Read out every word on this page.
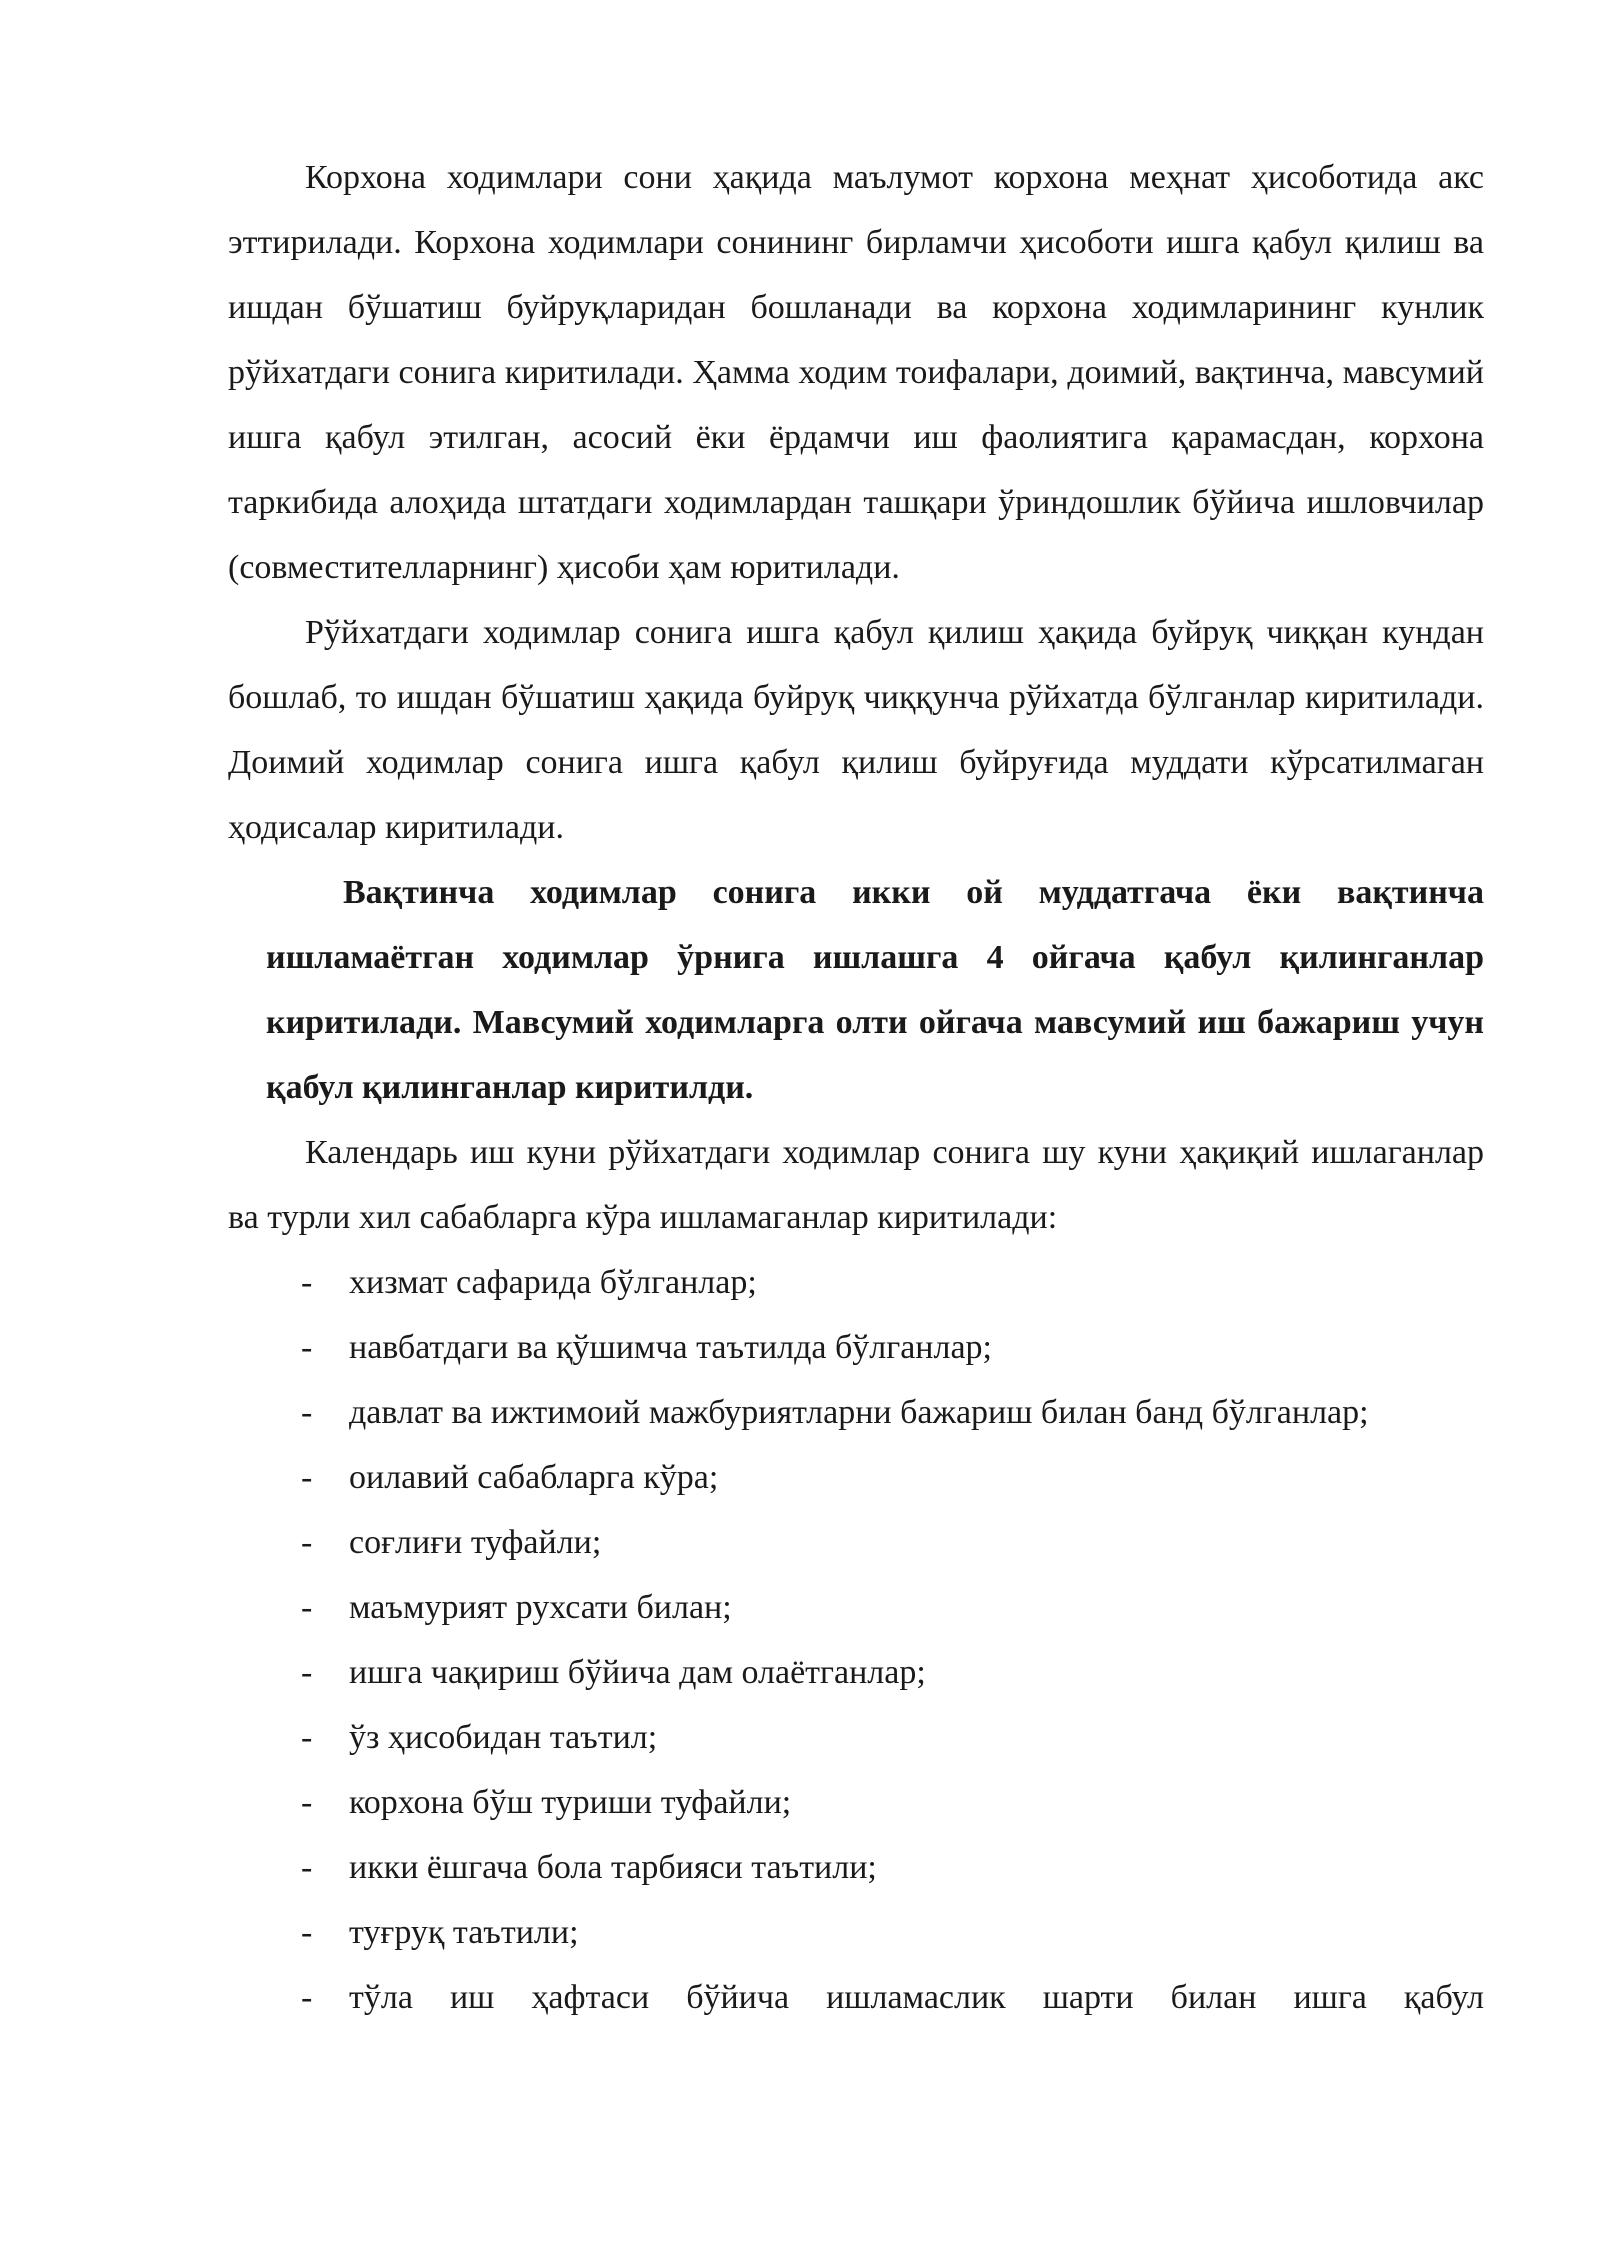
Корхона ходимлари сони ҳақида маълумот корхона меҳнат ҳисоботида акс эттирилади. Корхона ходимлари сонининг бирламчи ҳисоботи ишга қабул қилиш ва ишдан бўшатиш буйруқларидан бошланади ва корхона ходимларининг кунлик рўйхатдаги сонига киритилади. Ҳамма ходим тоифалари, доимий, вақтинча, мавсумий ишга қабул этилган, асосий ёки ёрдамчи иш фаолиятига қарамасдан, корхона таркибида алоҳида штатдаги ходимлардан ташқари ўриндошлик бўйича ишловчилар

(совместителларнинг) ҳисоби ҳам юритилади.

Рўйхатдаги ходимлар сонига ишга қабул қилиш ҳақида буйруқ чиққан кундан бошлаб, то ишдан бўшатиш ҳақида буйруқ чиққунча рўйхатда бўлганлар киритилади. Доимий ходимлар сонига ишга қабул қилиш буйруғида муддати кўрсатилмаган ҳодисалар киритилади.

Вақтинча ходимлар сонига икки ой муддатгача ёки вақтинча ишламаётган ходимлар ўрнига ишлашга 4 ойгача қабул қилинганлар киритилади. Мавсумий ходимларга олти ойгача мавсумий иш бажариш учун қабул қилинганлар киритилди.

Календарь иш куни рўйхатдаги ходимлар сонига шу куни ҳақиқий ишлаганлар ва турли хил сабабларга кўра ишламаганлар киритилади:

- хизмат сафарида бўлганлар;
- навбатдаги ва қўшимча таътилда бўлганлар;
- давлат ва ижтимоий мажбуриятларни бажариш билан банд бўлганлар;
- оилавий сабабларга кўра;
- соғлиғи туфайли;
- маъмурият рухсати билан;
- ишга чақириш бўйича дам олаётганлар;
- ўз ҳисобидан таътил;
- корхона бўш туриши туфайли;
- икки ёшгача бола тарбияси таътили;
- туғруқ таътили;
- тўла иш ҳафтаси бўйича ишламаслик шарти билан ишга қабул
